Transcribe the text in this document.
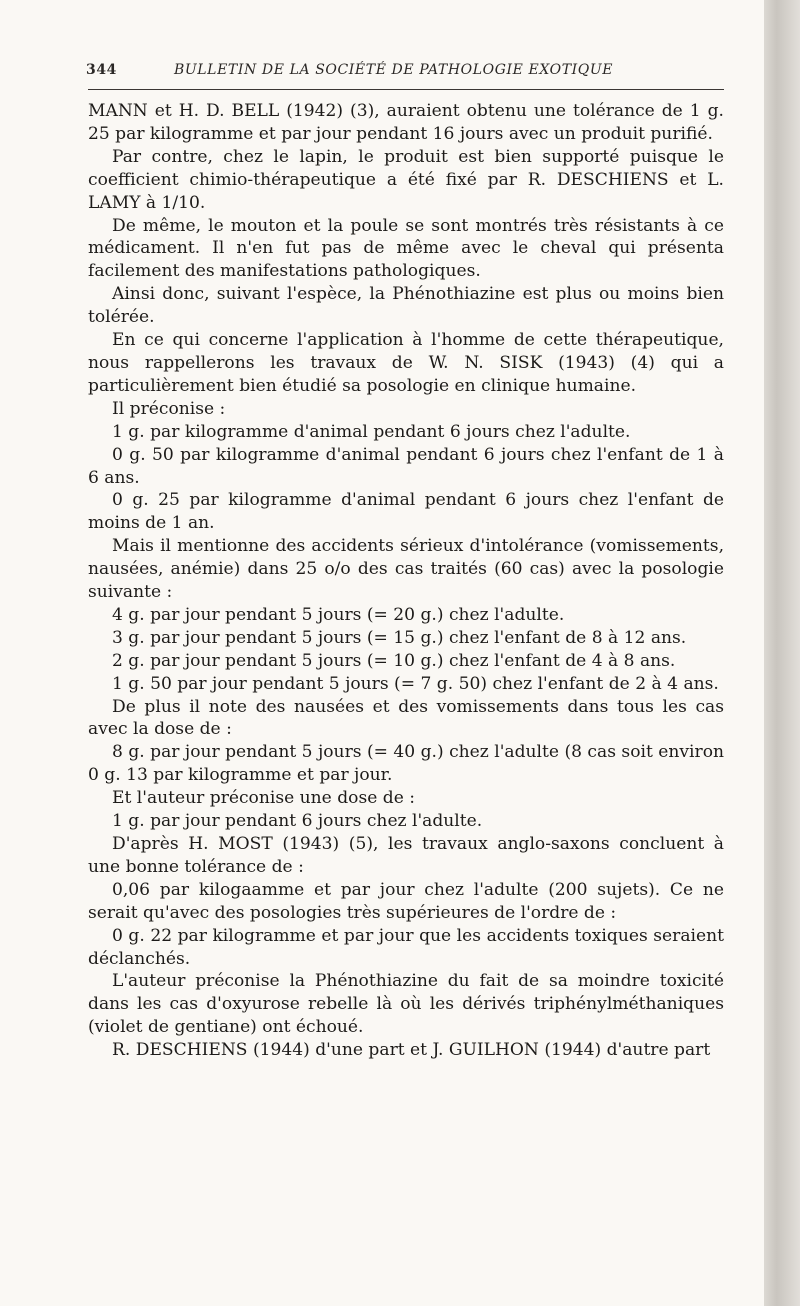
344	BULLETIN DE LA SOCIÉTÉ DE PATHOLOGIE EXOTIQUE

MANN et H. D. BELL (1942) (3), auraient obtenu une tolérance de 1 g. 25 par kilogramme et par jour pendant 16 jours avec un produit purifié.

Par contre, chez le lapin, le produit est bien supporté puisque le coefficient chimio-thérapeutique a été fixé par R. DESCHIENS et L. LAMY à 1/10.

De même, le mouton et la poule se sont montrés très résistants à ce médicament. Il n'en fut pas de même avec le cheval qui présenta facilement des manifestations pathologiques.

Ainsi donc, suivant l'espèce, la Phénothiazine est plus ou moins bien tolérée.

En ce qui concerne l'application à l'homme de cette thérapeutique, nous rappellerons les travaux de W. N. SISK (1943) (4) qui a particulièrement bien étudié sa posologie en clinique humaine.

Il préconise :

1 g. par kilogramme d'animal pendant 6 jours chez l'adulte.

0 g. 50 par kilogramme d'animal pendant 6 jours chez l'enfant de 1 à 6 ans.

0 g. 25 par kilogramme d'animal pendant 6 jours chez l'enfant de moins de 1 an.

Mais il mentionne des accidents sérieux d'intolérance (vomissements, nausées, anémie) dans 25 o/o des cas traités (60 cas) avec la posologie suivante :

4 g. par jour pendant 5 jours (= 20 g.) chez l'adulte.

3 g. par jour pendant 5 jours (= 15 g.) chez l'enfant de 8 à 12 ans.

2 g. par jour pendant 5 jours (= 10 g.) chez l'enfant de 4 à 8 ans.

1 g. 50 par jour pendant 5 jours (= 7 g. 50) chez l'enfant de 2 à 4 ans.

De plus il note des nausées et des vomissements dans tous les cas avec la dose de :

8 g. par jour pendant 5 jours (= 40 g.) chez l'adulte (8 cas soit environ 0 g. 13 par kilogramme et par jour.

Et l'auteur préconise une dose de :

1 g. par jour pendant 6 jours chez l'adulte.

D'après H. MOST (1943) (5), les travaux anglo-saxons concluent à une bonne tolérance de :

0,06 par kilogaamme et par jour chez l'adulte (200 sujets). Ce ne serait qu'avec des posologies très supérieures de l'ordre de :

0 g. 22 par kilogramme et par jour que les accidents toxiques seraient déclanchés.

L'auteur préconise la Phénothiazine du fait de sa moindre toxicité dans les cas d'oxyurose rebelle là où les dérivés triphénylméthaniques (violet de gentiane) ont échoué.

R. DESCHIENS (1944) d'une part et J. GUILHON (1944) d'autre part
